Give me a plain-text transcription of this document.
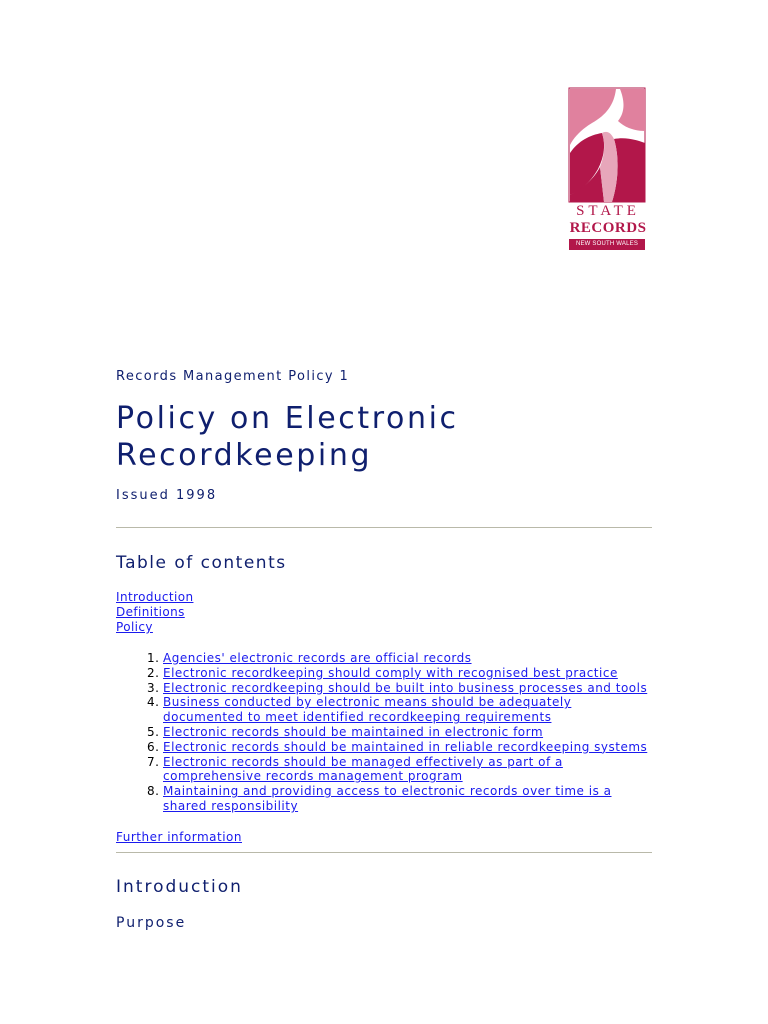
STATE
RECORDS
NEW SOUTH WALES
Records Management Policy 1
Policy on Electronic
Recordkeeping
Issued 1998
Table of contents
Introduction
Definitions
Policy
1. Agencies' electronic records are official records
2. Electronic recordkeeping should comply with recognised best practice
3. Electronic recordkeeping should be built into business processes and tools
4. Business conducted by electronic means should be adequately
documented to meet identified recordkeeping requirements
5. Electronic records should be maintained in electronic form
6. Electronic records should be maintained in reliable recordkeeping systems
7. Electronic records should be managed effectively as part of a
comprehensive records management program
8. Maintaining and providing access to electronic records over time is a
shared responsibility
Further information
Introduction
Purpose
